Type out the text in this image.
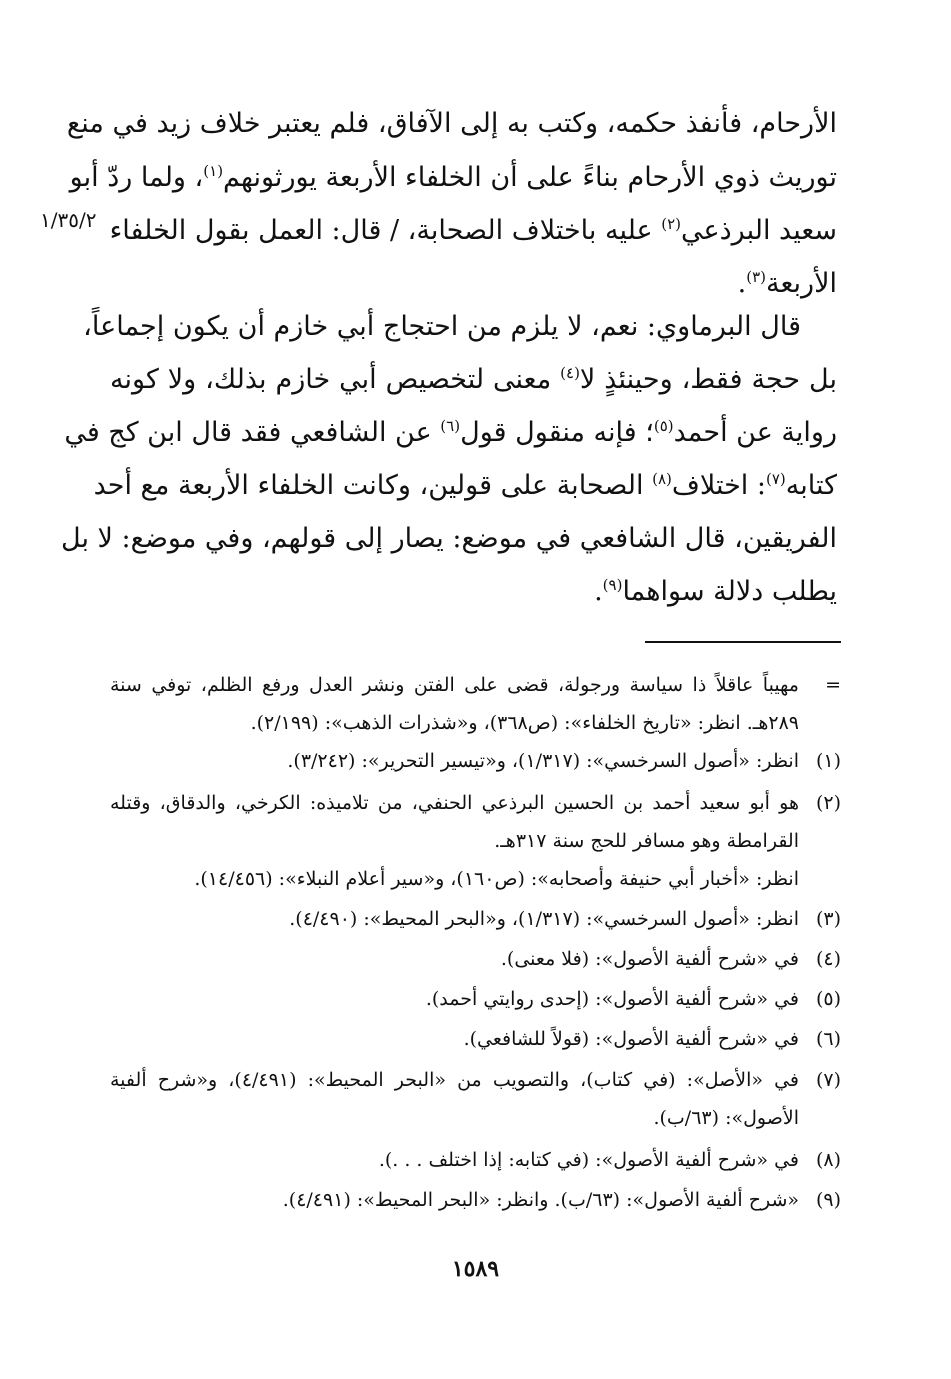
الأرحام، فأنفذ حكمه، وكتب به إلى الآفاق، فلم يعتبر خلاف زيد في منع
توريث ذوي الأرحام بناءً على أن الخلفاء الأربعة يورثونهم$^{(١)}$، ولما ردّ أبو
سعيد البرذعي$^{(٢)}$ عليه باختلاف الصحابة، / قال: العمل بقول الخلفاء
١/٣٥/٢
الأربعة$^{(٣)}$.
قال البرماوي: نعم، لا يلزم من احتجاج أبي خازم أن يكون إجماعاً،
بل حجة فقط، وحينئذٍ لا$^{(٤)}$ معنى لتخصيص أبي خازم بذلك، ولا كونه
رواية عن أحمد$^{(٥)}$؛ فإنه منقول قول$^{(٦)}$ عن الشافعي فقد قال ابن كج في
كتابه$^{(٧)}$: اختلاف$^{(٨)}$ الصحابة على قولين، وكانت الخلفاء الأربعة مع أحد
الفريقين، قال الشافعي في موضع: يصار إلى قولهم، وفي موضع: لا بل
يطلب دلالة سواهما$^{(٩)}$.
=
مهيباً عاقلاً ذا سياسة ورجولة، قضى على الفتن ونشر العدل ورفع الظلم، توفي سنة
٢٨٩هـ. انظر: «تاريخ الخلفاء»: (ص٣٦٨)، و«شذرات الذهب»: (٢/١٩٩).
(١)
انظر: «أصول السرخسي»: (١/٣١٧)، و«تيسير التحرير»: (٣/٢٤٢).
(٢)
هو أبو سعيد أحمد بن الحسين البرذعي الحنفي، من تلاميذه: الكرخي، والدقاق، وقتله
القرامطة وهو مسافر للحج سنة ٣١٧هـ.
انظر: «أخبار أبي حنيفة وأصحابه»: (ص١٦٠)، و«سير أعلام النبلاء»: (١٤/٤٥٦).
(٣)
انظر: «أصول السرخسي»: (١/٣١٧)، و«البحر المحيط»: (٤/٤٩٠).
(٤)
في «شرح ألفية الأصول»: (فلا معنى).
(٥)
في «شرح ألفية الأصول»: (إحدى روايتي أحمد).
(٦)
في «شرح ألفية الأصول»: (قولاً للشافعي).
(٧)
في «الأصل»: (في كتاب)، والتصويب من «البحر المحيط»: (٤/٤٩١)، و«شرح ألفية
الأصول»: (٦٣/ب).
(٨)
في «شرح ألفية الأصول»: (في كتابه: إذا اختلف . . .).
(٩)
«شرح ألفية الأصول»: (٦٣/ب). وانظر: «البحر المحيط»: (٤/٤٩١).
١٥٨٩
